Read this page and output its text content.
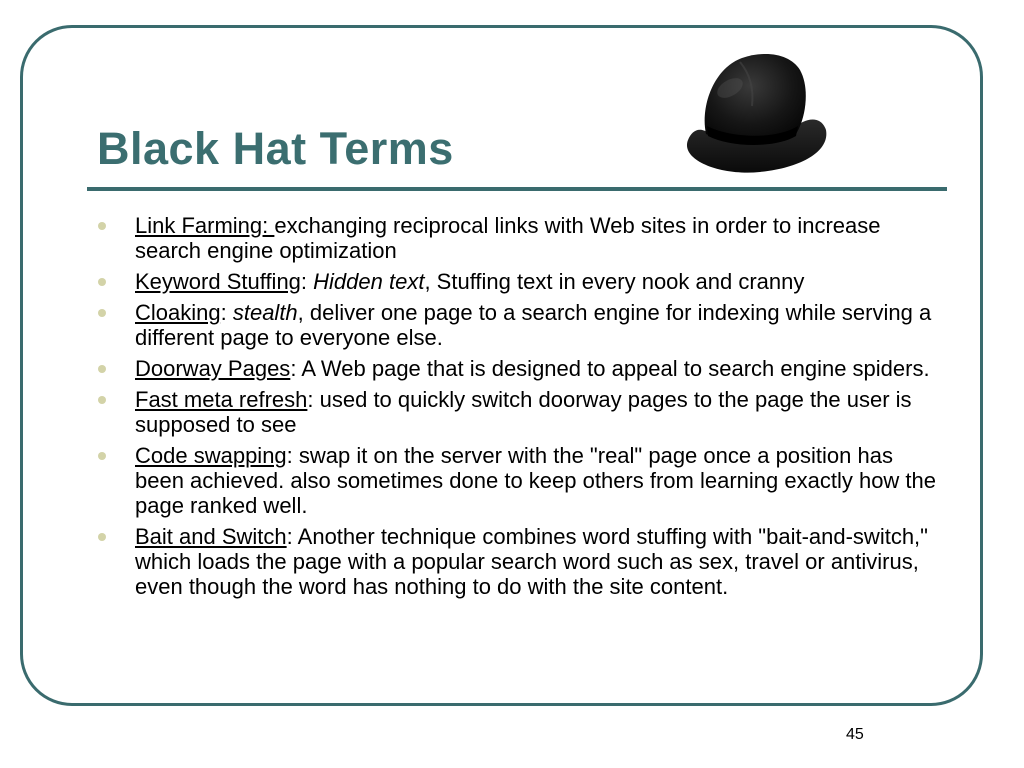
Black Hat Terms
Link Farming: exchanging reciprocal links with Web sites in order to increase search engine optimization
Keyword Stuffing: Hidden text, Stuffing text in every nook and cranny
Cloaking: stealth, deliver one page to a search engine for indexing while serving a different page to everyone else.
Doorway Pages: A Web page that is designed to appeal to search engine spiders.
Fast meta refresh: used to quickly switch doorway pages to the page the user is supposed to see
Code swapping: swap it on the server with the "real" page once a position has been achieved. also sometimes done to keep others from learning exactly how the page ranked well.
Bait and Switch: Another technique combines word stuffing with "bait-and-switch," which loads the page with a popular search word such as sex, travel or antivirus, even though the word has nothing to do with the site content.
45
